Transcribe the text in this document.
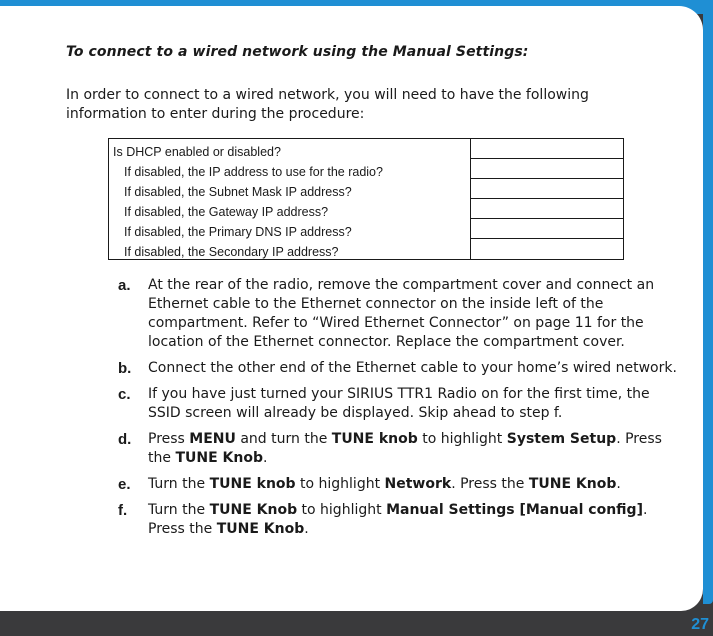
To connect to a wired network using the Manual Settings:
In order to connect to a wired network, you will need to have the following information to enter during the procedure:
Is DHCP enabled or disabled?
If disabled, the IP address to use for the radio?
If disabled, the Subnet Mask IP address?
If disabled, the Gateway IP address?
If disabled, the Primary DNS IP address?
If disabled, the Secondary IP address?
a. At the rear of the radio, remove the compartment cover and connect an Ethernet cable to the Ethernet connector on the inside left of the compartment. Refer to “Wired Ethernet Connector” on page 11 for the location of the Ethernet connector. Replace the compartment cover.
b. Connect the other end of the Ethernet cable to your home’s wired network.
c. If you have just turned your SIRIUS TTR1 Radio on for the first time, the SSID screen will already be displayed. Skip ahead to step f.
d. Press MENU and turn the TUNE knob to highlight System Setup. Press the TUNE Knob.
e. Turn the TUNE knob to highlight Network. Press the TUNE Knob.
f. Turn the TUNE Knob to highlight Manual Settings [Manual config]. Press the TUNE Knob.
27
